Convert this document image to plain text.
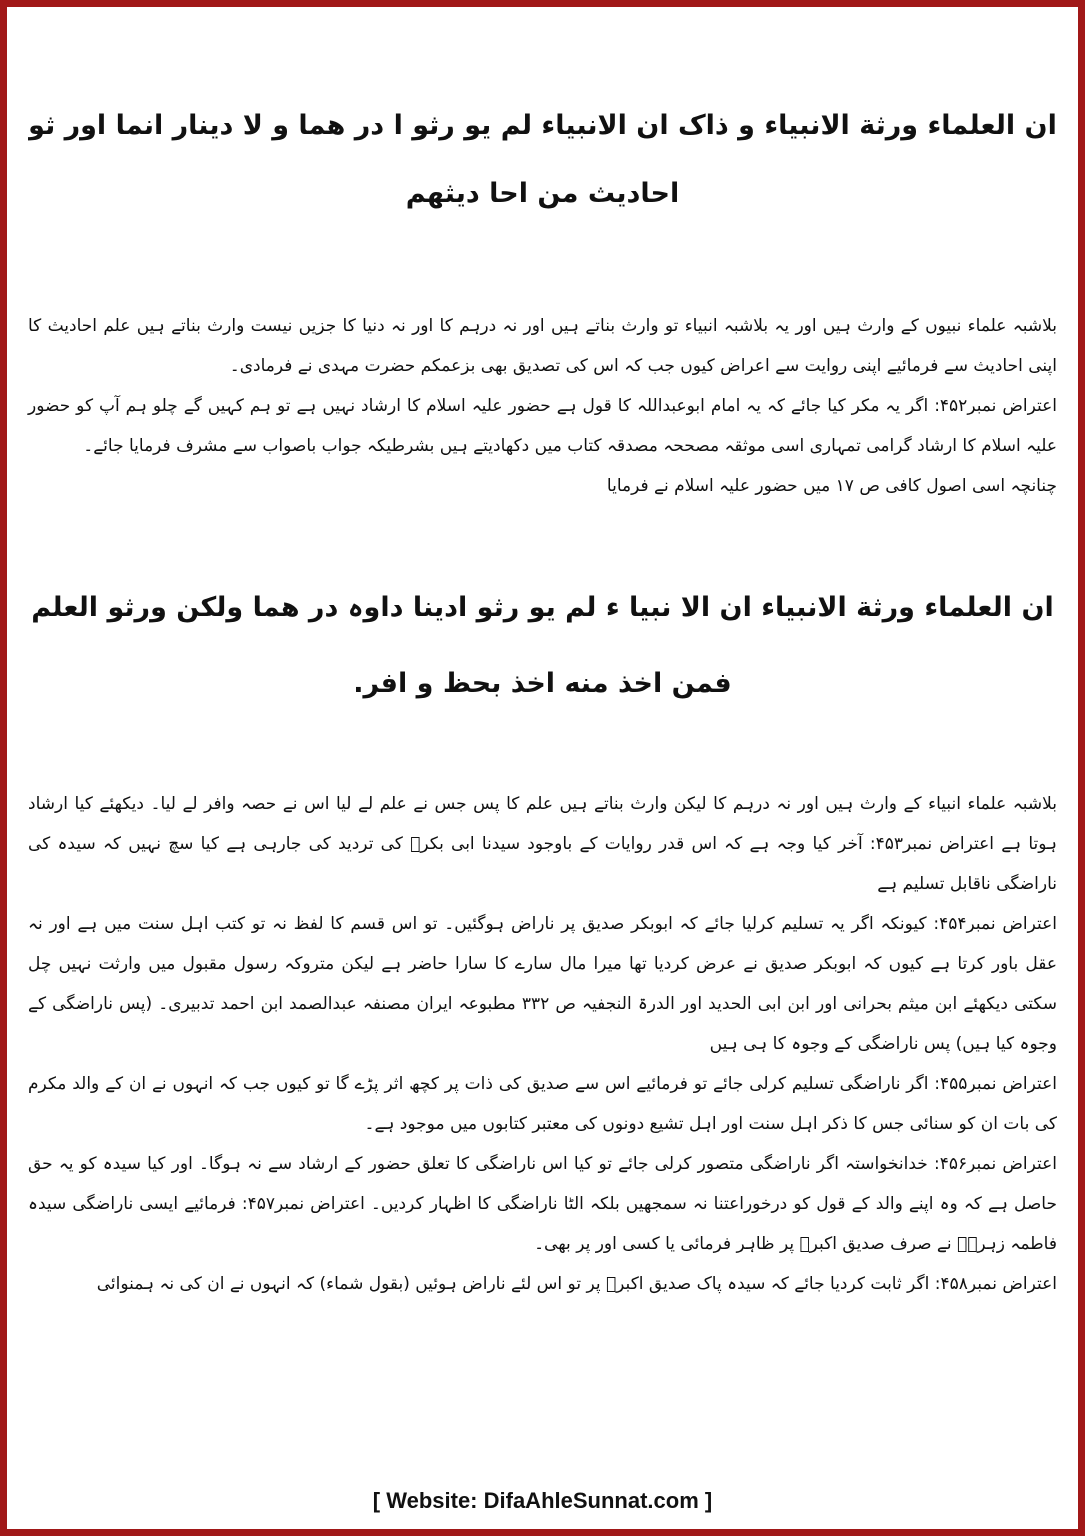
ان العلماء ورثة الانبياء و ذاک ان الانبیاء لم یو رثو ا در هما و لا دینار انما اور ثو
احادیث من احا دیثهم

بلاشبہ علماء نبیوں کے وارث ہیں اور یہ بلاشبہ انبیاء تو وارث بناتے ہیں اور نہ درہم کا اور نہ دنیا کا جزیں نیست وارث بناتے ہیں علم احادیث کا اپنی احادیث سے فرمائیے اپنی روایت سے اعراض کیوں جب کہ اس کی تصدیق بھی بزعمکم حضرت مہدی نے فرمادی۔

اعتراض نمبر۴۵۲: اگر یہ مکر کیا جائے کہ یہ امام ابوعبداللہ کا قول ہے حضور علیہ اسلام کا ارشاد نہیں ہے تو ہم کہیں گے چلو ہم آپ کو حضور علیہ اسلام کا ارشاد گرامی تمہاری اسی موثقہ مصححہ مصدقہ کتاب میں دکھادیتے ہیں بشرطیکہ جواب باصواب سے مشرف فرمایا جائے۔

چنانچہ اسی اصول کافی ص ۱۷ میں حضور علیہ اسلام نے فرمایا

ان العلماء ورثة الانبياء ان الا نبیا ء لم یو رثو ادینا داوہ در هما ولکن ورثو العلم
فمن اخذ منه اخذ بحظ و افر.

بلاشبہ علماء انبیاء کے وارث ہیں اور نہ درہم کا لیکن وارث بناتے ہیں علم کا پس جس نے علم لے لیا اس نے حصہ وافر لے لیا۔ دیکھئے کیا ارشاد ہوتا ہے اعتراض نمبر۴۵۳: آخر کیا وجہ ہے کہ اس قدر روایات کے باوجود سیدنا ابی بکرؓ کی تردید کی جارہی ہے کیا سچ نہیں کہ سیدہ کی ناراضگی ناقابل تسلیم ہے

اعتراض نمبر۴۵۴: کیونکہ اگر یہ تسلیم کرلیا جائے کہ ابوبکر صدیق پر ناراض ہوگئیں۔ تو اس قسم کا لفظ نہ تو کتب اہل سنت میں ہے اور نہ عقل باور کرتا ہے کیوں کہ ابوبکر صدیق نے عرض کردیا تھا میرا مال سارے کا سارا حاضر ہے لیکن متروکہ رسول مقبول میں وارثت نہیں چل سکتی دیکھئے ابن میثم بحرانی اور ابن ابی الحدید اور الدرۃ النجفیہ ص ۳۳۲ مطبوعہ ایران مصنفہ عبدالصمد ابن احمد تدبیری۔ (پس ناراضگی کے وجوہ کیا ہیں) پس ناراضگی کے وجوہ کا ہی ہیں

اعتراض نمبر۴۵۵: اگر ناراضگی تسلیم کرلی جائے تو فرمائیے اس سے صدیق کی ذات پر کچھ اثر پڑے گا تو کیوں جب کہ انہوں نے ان کے والد مکرم کی بات ان کو سنائی جس کا ذکر اہل سنت اور اہل تشیع دونوں کی معتبر کتابوں میں موجود ہے۔

اعتراض نمبر۴۵۶: خدانخواستہ اگر ناراضگی متصور کرلی جائے تو کیا اس ناراضگی کا تعلق حضور کے ارشاد سے نہ ہوگا۔ اور کیا سیدہ کو یہ حق حاصل ہے کہ وہ اپنے والد کے قول کو درخوراعتنا نہ سمجھیں بلکہ الٹا ناراضگی کا اظہار کردیں۔ اعتراض نمبر۴۵۷: فرمائیے ایسی ناراضگی سیدہ فاطمہ زہرہؓ نے صرف صدیق اکبرؓ پر ظاہر فرمائی یا کسی اور پر بھی۔

اعتراض نمبر۴۵۸: اگر ثابت کردیا جائے کہ سیدہ پاک صدیق اکبرؓ پر تو اس لئے ناراض ہوئیں (بقول شماء) کہ انہوں نے ان کی نہ ہمنوائی

[ Website: DifaAhleSunnat.com ]
